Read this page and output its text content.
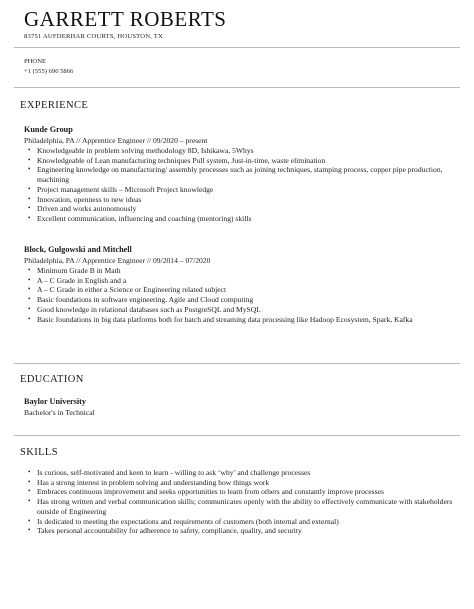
GARRETT ROBERTS
83751 AUFDERHAR COURTS, HOUSTON, TX
PHONE
+1 (555) 690 5866
EXPERIENCE
Kunde Group
Philadelphia, PA // Apprentice Engineer // 09/2020 – present
• Knowledgeable in problem solving methodology 8D, Ishikawa, 5Whys
• Knowledgeable of Lean manufacturing techniques Pull system, Just-in-time, waste elimination
• Engineering knowledge on manufacturing/ assembly processes such as joining techniques, stamping process, copper pipe production, machining
• Project management skills – Microsoft Project knowledge
• Innovation, openness to new ideas
• Driven and works autonomously
• Excellent communication, influencing and coaching (mentoring) skills
Block, Gulgowski and Mitchell
Philadelphia, PA // Apprentice Engineer // 09/2014 – 07/2020
• Minimum Grade B in Math
• A – C Grade in English and a
• A – C Grade in either a Science or Engineering related subject
• Basic foundations in software engineering, Agile and Cloud computing
• Good knowledge in relational databases such as PostgreSQL and MySQL
• Basic foundations in big data platforms both for batch and streaming data processing like Hadoop Ecosystem, Spark, Kafka
EDUCATION
Baylor University
Bachelor's in Technical
SKILLS
• Is curious, self-motivated and keen to learn - willing to ask ‘why’ and challenge processes
• Has a strong interest in problem solving and understanding how things work
• Embraces continuous improvement and seeks opportunities to learn from others and constantly improve processes
• Has strong written and verbal communication skills; communicates openly with the ability to effectively communicate with stakeholders outside of Engineering
• Is dedicated to meeting the expectations and requirements of customers (both internal and external)
• Takes personal accountability for adherence to safety, compliance, quality, and security
